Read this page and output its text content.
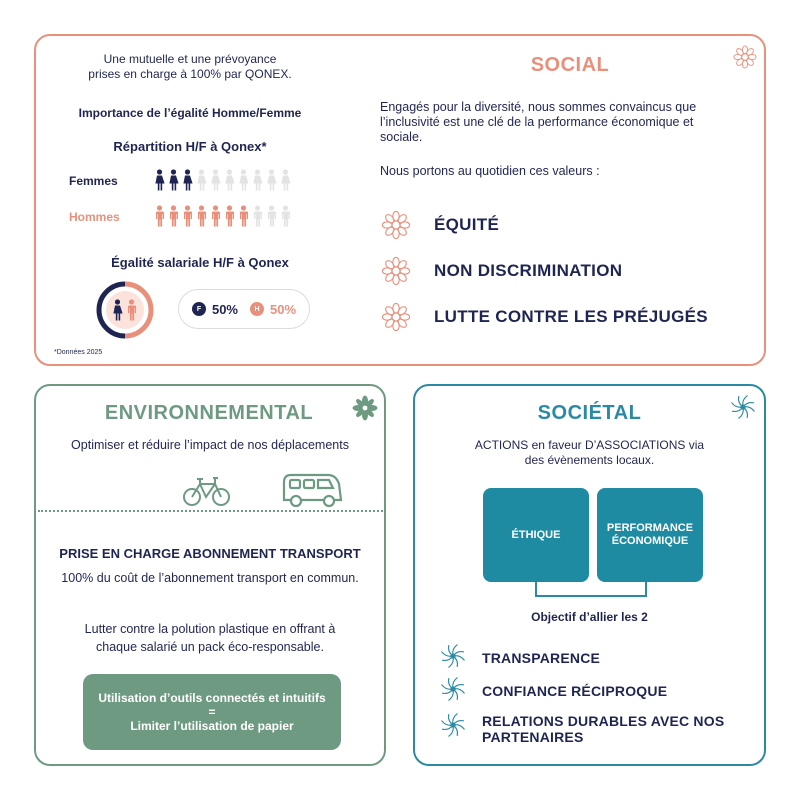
Une mutuelle et une prévoyance
prises en charge à 100% par QONEX.
Importance de l’égalité Homme/Femme
Répartition H/F à Qonex*
Femmes
Hommes
Égalité salariale H/F à Qonex
F 50%	H 50%
*Données 2025
SOCIAL
Engagés pour la diversité, nous sommes convaincus que
l’inclusivité est une clé de la performance économique et
sociale.
Nous portons au quotidien ces valeurs :
ÉQUITÉ
NON DISCRIMINATION
LUTTE CONTRE LES PRÉJUGÉS
ENVIRONNEMENTAL
Optimiser et réduire l’impact de nos déplacements
PRISE EN CHARGE ABONNEMENT TRANSPORT
100% du coût de l’abonnement transport en commun.
Lutter contre la polution plastique en offrant à
chaque salarié un pack éco-responsable.
Utilisation d’outils connectés et intuitifs
=
Limiter l’utilisation de papier
SOCIÉTAL
ACTIONS en faveur D’ASSOCIATIONS via
des évènements locaux.
ÉTHIQUE
PERFORMANCE
ÉCONOMIQUE
Objectif d’allier les 2
TRANSPARENCE
CONFIANCE RÉCIPROQUE
RELATIONS DURABLES AVEC NOS
PARTENAIRES
